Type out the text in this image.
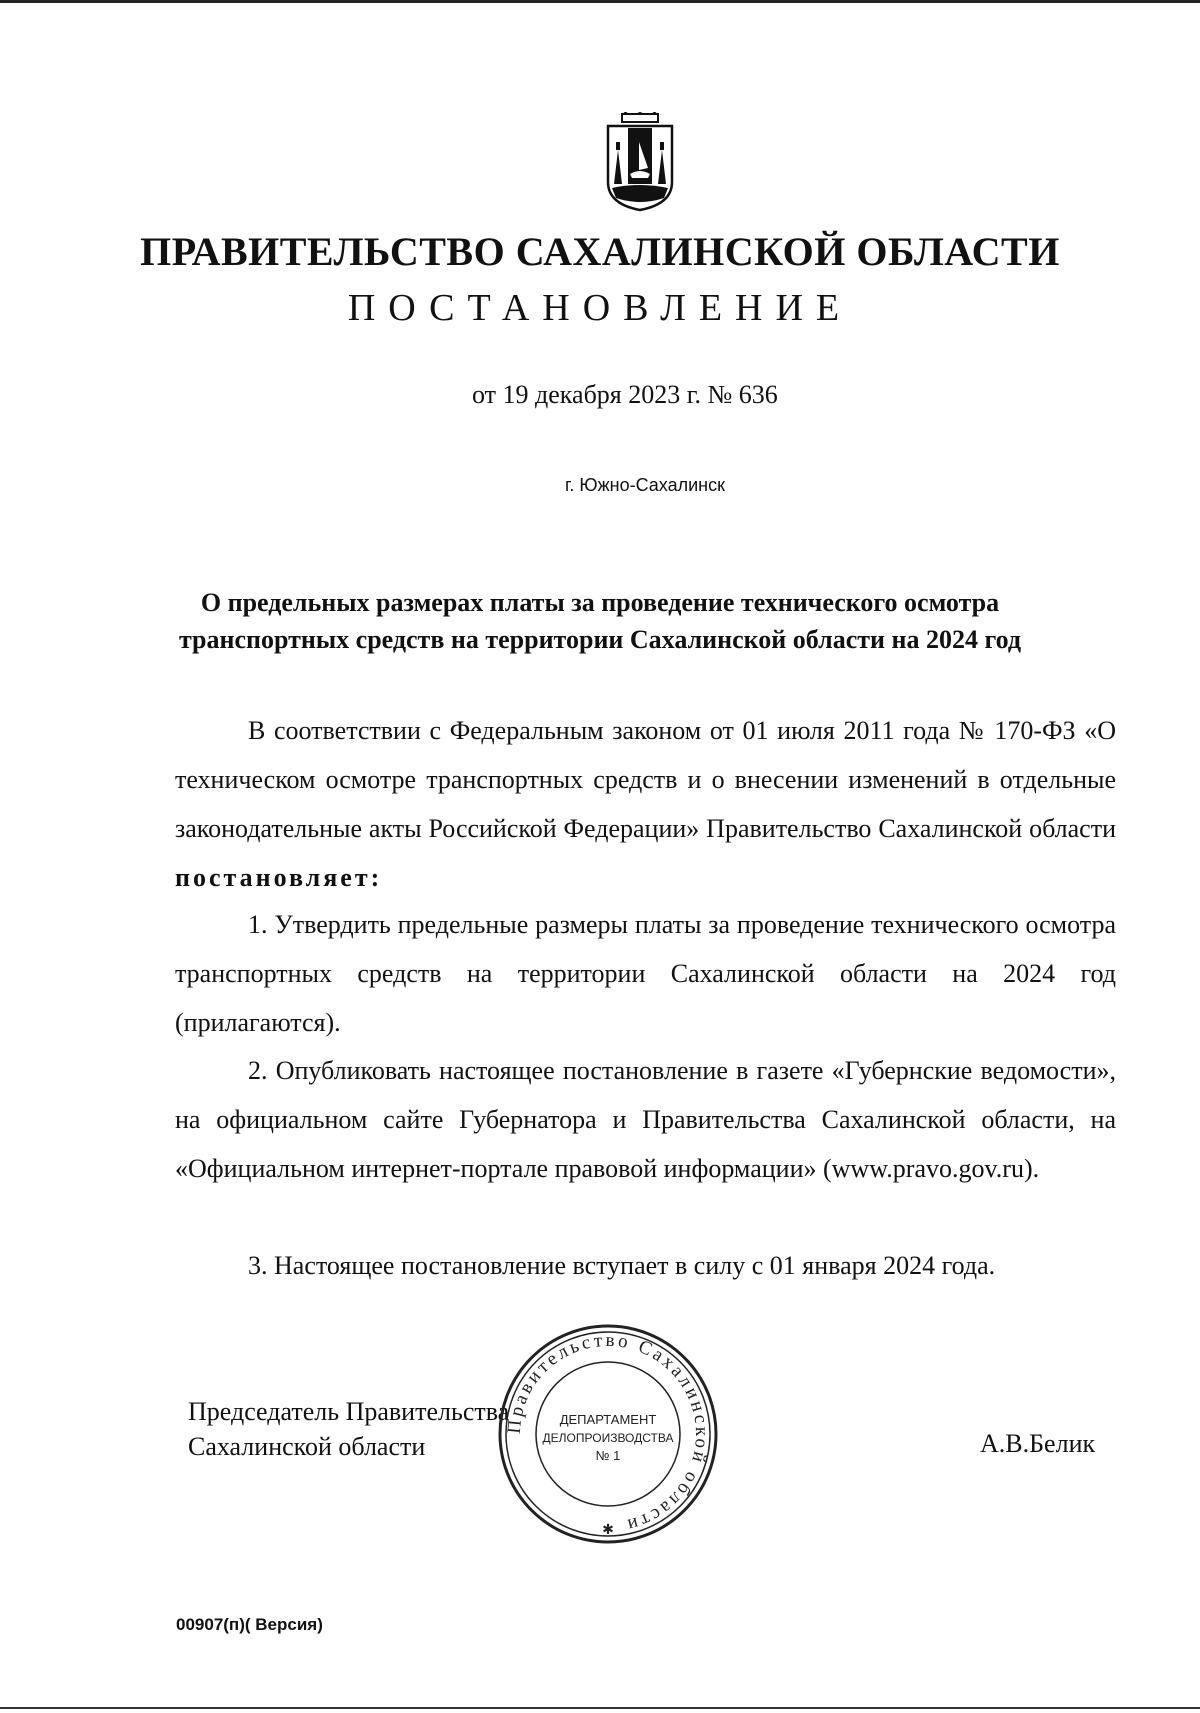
ПРАВИТЕЛЬСТВО САХАЛИНСКОЙ ОБЛАСТИ
ПОСТАНОВЛЕНИЕ
от 19 декабря 2023 г. № 636
г. Южно-Сахалинск
О предельных размерах платы за проведение технического осмотра
транспортных средств на территории Сахалинской области на 2024 год
В соответствии с Федеральным законом от 01 июля 2011 года № 170-ФЗ «О техническом осмотре транспортных средств и о внесении изменений в отдельные законодательные акты Российской Федерации» Правительство Сахалинской области постановляет:
1. Утвердить предельные размеры платы за проведение технического осмотра транспортных средств на территории Сахалинской области на 2024 год (прилагаются).
2. Опубликовать настоящее постановление в газете «Губернские ведомости», на официальном сайте Губернатора и Правительства Сахалинской области, на «Официальном интернет-портале правовой информации» (www.pravo.gov.ru).
3. Настоящее постановление вступает в силу с 01 января 2024 года.
Председатель Правительства
Сахалинской области
Правительство Сахалинской области
ДЕПАРТАМЕНТ
ДЕЛОПРОИЗВОДСТВА
№ 1
✱
А.В.Белик
00907(п)( Версия)
